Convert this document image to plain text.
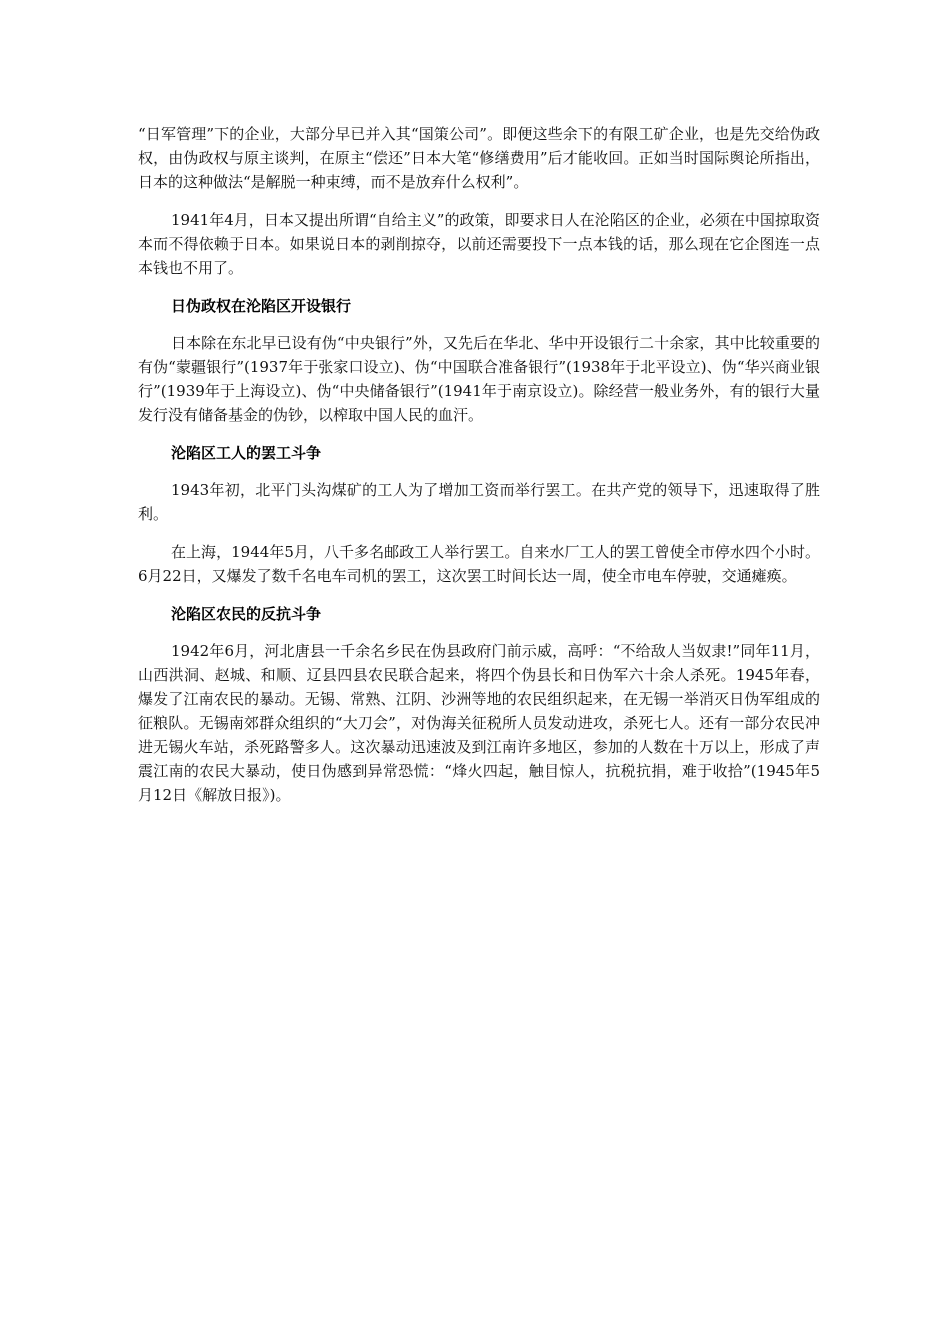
“日军管理”下的企业，大部分早已并入其“国策公司”。即便这些余下的有限工矿企业，也是先交给伪政权，由伪政权与原主谈判，在原主“偿还”日本大笔“修缮费用”后才能收回。正如当时国际舆论所指出，日本的这种做法“是解脱一种束缚，而不是放弃什么权利”。

1941年4月，日本又提出所谓“自给主义”的政策，即要求日人在沦陷区的企业，必须在中国掠取资本而不得依赖于日本。如果说日本的剥削掠夺，以前还需要投下一点本钱的话，那么现在它企图连一点本钱也不用了。

日伪政权在沦陷区开设银行

日本除在东北早已设有伪“中央银行”外，又先后在华北、华中开设银行二十余家，其中比较重要的有伪“蒙疆银行”(1937年于张家口设立)、伪“中国联合准备银行”(1938年于北平设立)、伪“华兴商业银行”(1939年于上海设立)、伪“中央储备银行”(1941年于南京设立)。除经营一般业务外，有的银行大量发行没有储备基金的伪钞，以榨取中国人民的血汗。

沦陷区工人的罢工斗争

1943年初，北平门头沟煤矿的工人为了增加工资而举行罢工。在共产党的领导下，迅速取得了胜利。

在上海，1944年5月，八千多名邮政工人举行罢工。自来水厂工人的罢工曾使全市停水四个小时。6月22日，又爆发了数千名电车司机的罢工，这次罢工时间长达一周，使全市电车停驶，交通瘫痪。

沦陷区农民的反抗斗争

1942年6月，河北唐县一千余名乡民在伪县政府门前示威，高呼：“不给敌人当奴隶!”同年11月，山西洪洞、赵城、和顺、辽县四县农民联合起来，将四个伪县长和日伪军六十余人杀死。1945年春，爆发了江南农民的暴动。无锡、常熟、江阴、沙洲等地的农民组织起来，在无锡一举消灭日伪军组成的征粮队。无锡南郊群众组织的“大刀会”，对伪海关征税所人员发动进攻，杀死七人。还有一部分农民冲进无锡火车站，杀死路警多人。这次暴动迅速波及到江南许多地区，参加的人数在十万以上，形成了声震江南的农民大暴动，使日伪感到异常恐慌：“烽火四起，触目惊人，抗税抗捐，难于收拾”(1945年5月12日《解放日报》)。
